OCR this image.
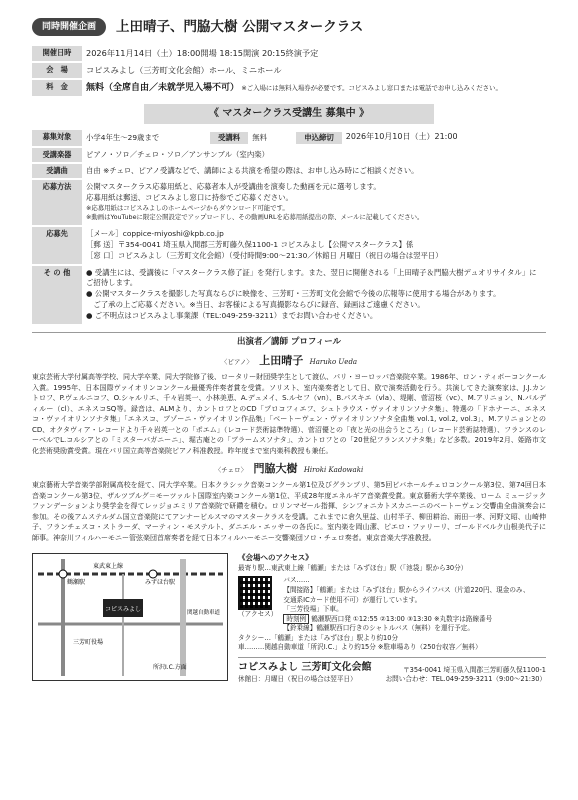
同時開催企画	上田晴子、門脇大樹 公開マスタークラス
開催日時	2026年11月14日（土）18:00開場 18:15開演 20:15終演予定
会　場	コピスみよし（三芳町文化会館）ホール、ミニホール
料　金	無料（全席自由／未就学児入場不可） ※ご入場には無料入場券が必要です。コピスみよし窓口または電話でお申し込みください。
《 マスタークラス受講生 募集中 》
募集対象	小学4年生〜29歳まで 受講料 無料 申込締切 2026年10月10日（土）21:00

受講楽器	ピアノ・ソロ／チェロ・ソロ／アンサンブル（室内楽）
受講曲	自由 ※チェロ、ピアノ受講などで、講師による共演を希望の際は、お申し込み時にご相談ください。
応募方法	公開マスタークラス応募用紙と、応募者本人が受講曲を演奏した動画を元に選考します。
応募用紙は郵送、コピスみよし窓口に持参でご応募ください。
※応募用紙はコピスみよしのホームページからダウンロード可能です。
※動画はYouTubeに限定公開設定でアップロードし、その動画URLを応募用紙提出の際、メールに記載してください。

応募先	［メール］coppice-miyoshi@kpb.co.jp
［郵 送］〒354-0041 埼玉県入間郡三芳町藤久保1100-1 コピスみよし【公開マスタークラス】係
［窓 口］コピスみよし（三芳町文化会館）（受付時間9:00〜21:30／休館日 月曜日（祝日の場合は翌平日）

そ の 他	● 受講生には、受講後に「マスタークラス修了証」を発行します。また、翌日に開催される「上田晴子＆門脇大樹デュオリサイタル」にご招待します。
● 公開マスタークラスを撮影した写真ならびに映像を、三芳町・三芳町文化会館で今後の広報等に使用する場合があります。
　ご了承の上ご応募ください。※当日、お客様による写真撮影ならびに録音、録画はご遠慮ください。
● ご不明点はコピスみよし事業課（TEL:049-259-3211）までお問い合わせください。
出演者／講師 プロフィール
〈ピアノ〉 上田晴子 Haruko Ueda

東京芸術大学付属高等学校、同大学卒業、同大学院修了後、ロータリー財団奨学生として渡仏、パリ・ヨーロッパ音楽院卒業。1986年、ロン・ティボーコンクール入賞。1995年、日本国際ヴァイオリンコンクール最優秀伴奏者賞を受賞。ソリスト、室内楽奏者として日、欧で演奏活動を行う。共演してきた演奏家は、J.J.カントロフ、P.ヴェルニコフ、O.シャルリエ、千々岩英一、小林美恵、A.デュメイ、S.ルセフ（vn）、B.パスキエ（vla）、堤剛、菅沼桜（vc）、M.アリニョン、N.バルディルー（cl）、エネスコSQ等。録音は、ALMより、カントロフとのCD「プロコフィエフ、シュトラウス・ヴァイオリンソナタ集」、特選の「ドホナーニ、エネスコ・ヴァイオリンソナタ集」「エネスコ、ブゾーニ・ヴァイオリン作品集」「ベートーヴェン・ヴァイオリンソナタ全曲集 vol.1, vol.2, vol.3」、M.アリニョンとのCD、オクタヴィア・レコードより千々岩英一との「ポエム」（レコード芸術誌準特選）、菅沼優との「夜と光の出会うところ」（レコード芸術誌特選）、フランスのレーベルでL.コルシアとの「ミスターバガニーニ」、堀古庵との「ブラームスソナタ」、カントロフとの「20世紀フランスソナタ集」など多数。2019年2月、姫路市文化芸術奨励賞受賞。現在パリ国立高等音楽院ピアノ科准教授。昨年度まで室内楽科教授も兼任。

〈チェロ〉 門脇大樹 Hiroki Kadowaki

東京藝術大学音楽学部附属高校を経て、同大学卒業。日本クラシック音楽コンクール第1位及びグランプリ、第5回ビバホールチェロコンクール第3位、第74回日本音楽コンクール第3位、ザルツブルグ＝モーツァルト国際室内楽コンクール第1位、平成28年度エネルギア音楽賞受賞。東京藝術大学卒業後、ローム ミュージックファンデーションより奨学金を得てレッジョエミリア音楽院で研鑽を積む。ロリンマゼール指揮、シンフォニカトスカニーニのベートーヴェン交響曲全曲演奏会に参加。その後アムステルダム国立音楽院にてアンナービルスマのマスタークラスを受講。これまでに倉久里益、山村半子、柳田耕治、雨田一孝、河野文昭、山崎伸子、フランチェスコ・ストラーダ、マーティン・モステルト、ダニエル・エッサーの各氏に。室内楽を岡山潔、ピエロ・ファリーリ、ゴールドベルク山根美代子に師事。神奈川フィルハーモニー管弦楽団首席奏者を経て日本フィルハーモニー交響楽団ソロ・チェロ奏者。東京音楽大学准教授。

東武東上線
鶴瀬駅	みずほ台駅
コピスみよし
三芳町役場
所沢I.C.方面
関越自動車道
《会場へのアクセス》
最寄り駅…東武東上線「鶴瀬」または「みずほ台」駅（「池袋」駅から30分）
（アクセス）
バス……
【間接路】「鶴瀬」または「みずほ台」駅からライフバス（片道220円、現金のみ、
交通系ICカード使用不可）が運行しています。
「三芳役場」下車。
時刻例 鶴瀬駅西口発 ①12:55 ②13:00 ③13:30 ※丸数字は路線番号
【鈴乗線】鶴瀬駅西口行きのシャトルバス（無料）を運行予定。
タクシー…「鶴瀬」または「みずほ台」駅より約10分
車………関越自動車道「所沢I.C.」より約15分 ※駐車場あり（250台収容／無料）
コピスみよし 三芳町文化会館
休館日：月曜日（祝日の場合は翌平日）
〒354-0041 埼玉県入間郡三芳町藤久保1100-1
お問い合わせ：TEL.049-259-3211（9:00〜21:30）
